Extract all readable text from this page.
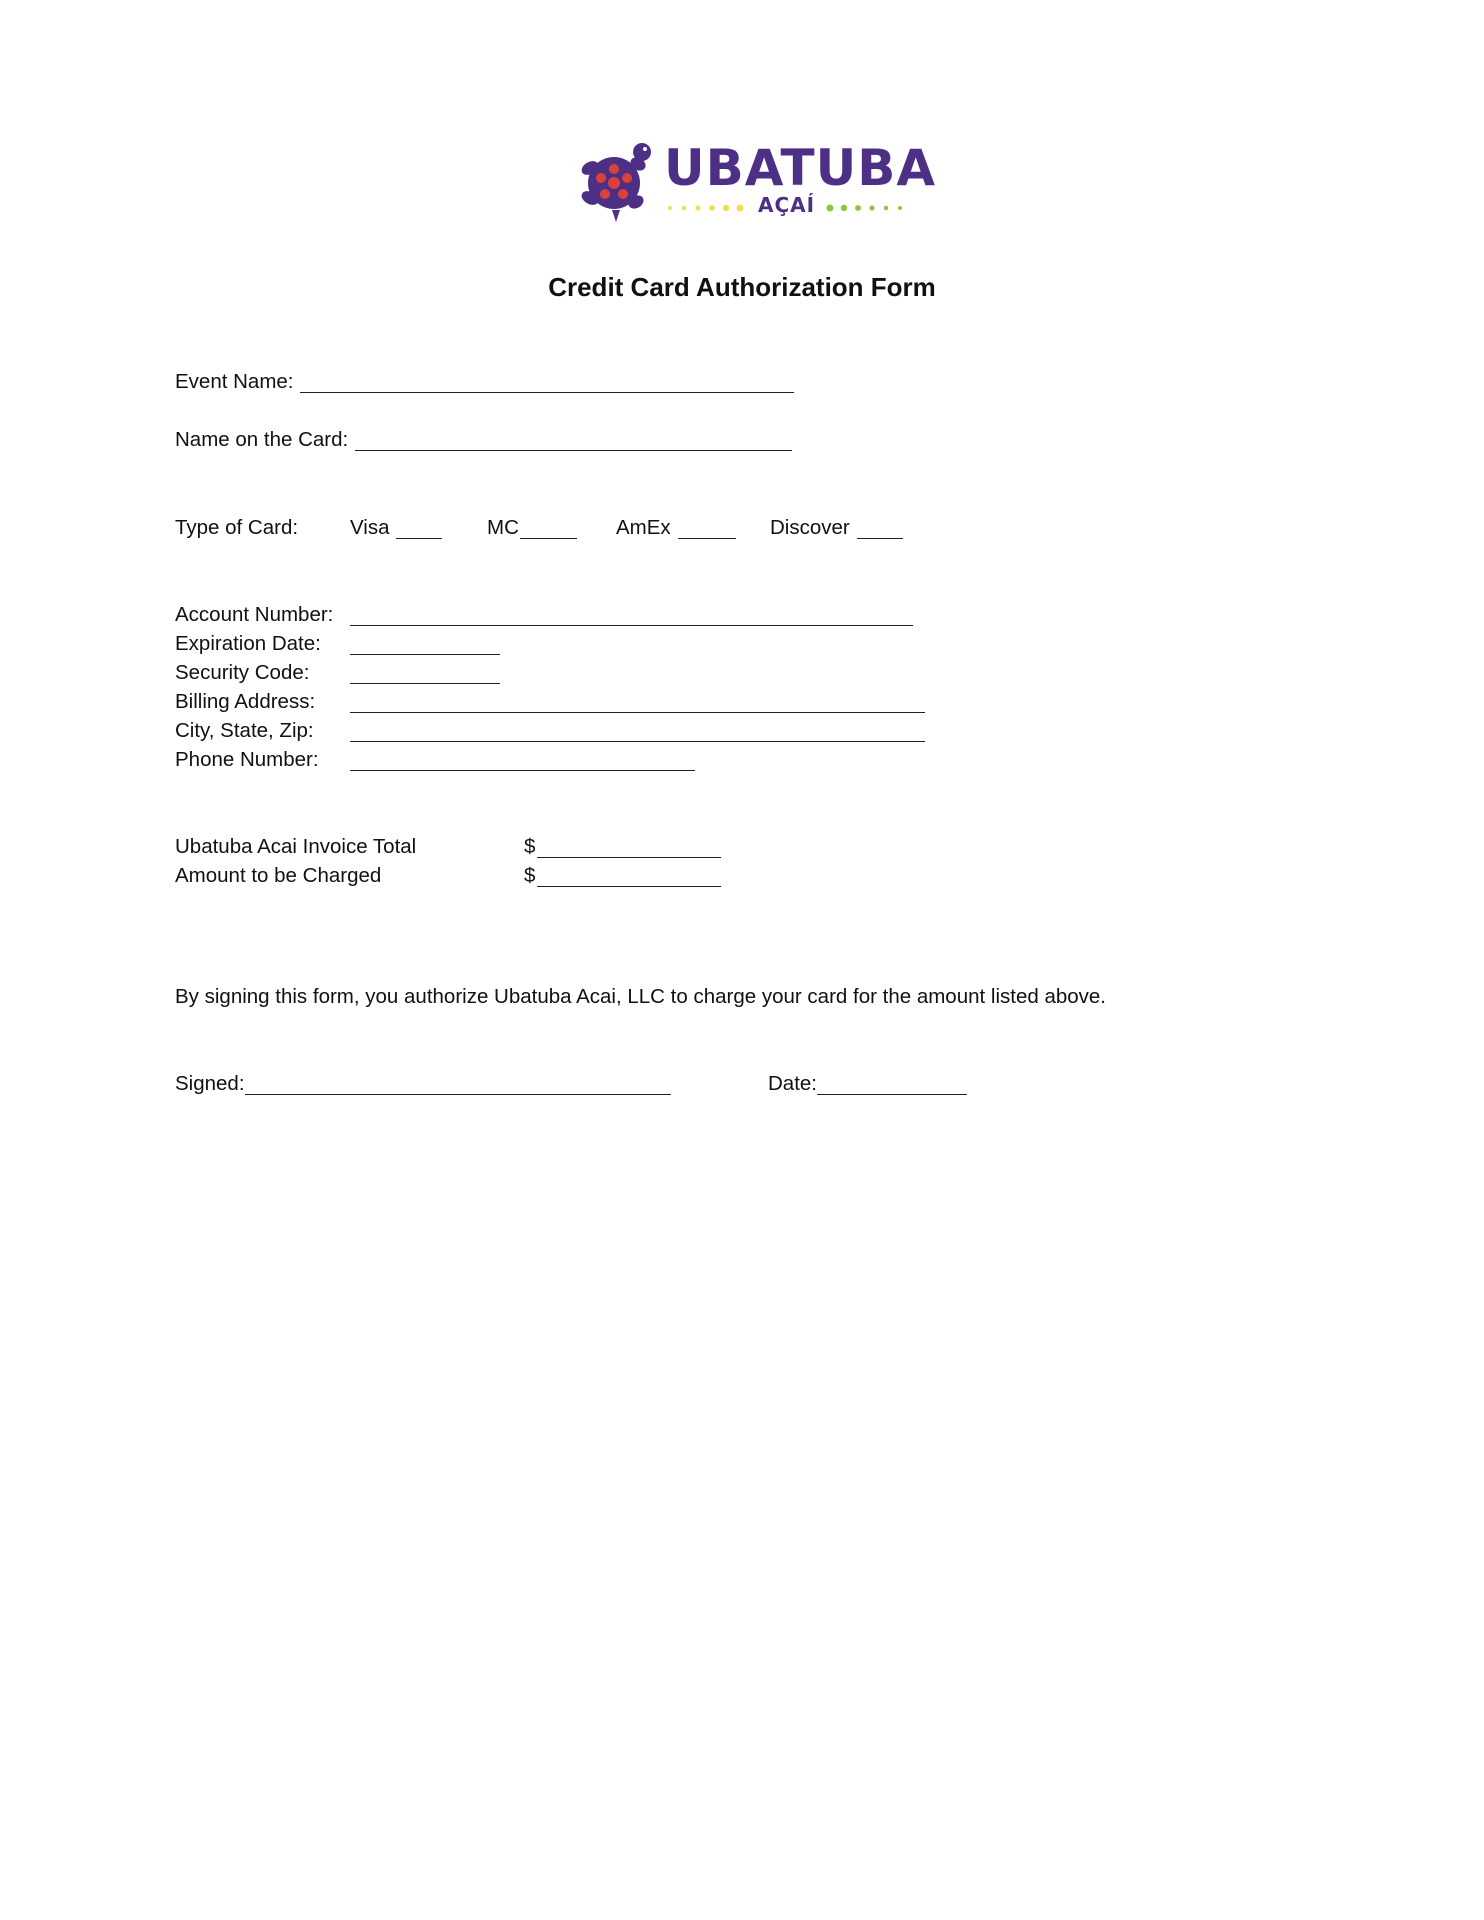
UBATUBA
AÇAÍ
Credit Card Authorization Form
Event Name:
Name on the Card:
Type of Card:	Visa	MC	AmEx	Discover
Account Number:
Expiration Date:
Security Code:
Billing Address:
City, State, Zip:
Phone Number:
Ubatuba Acai Invoice Total	$
Amount to be Charged	$
By signing this form, you authorize Ubatuba Acai, LLC to charge your card for the amount listed above.
Signed:	Date:
